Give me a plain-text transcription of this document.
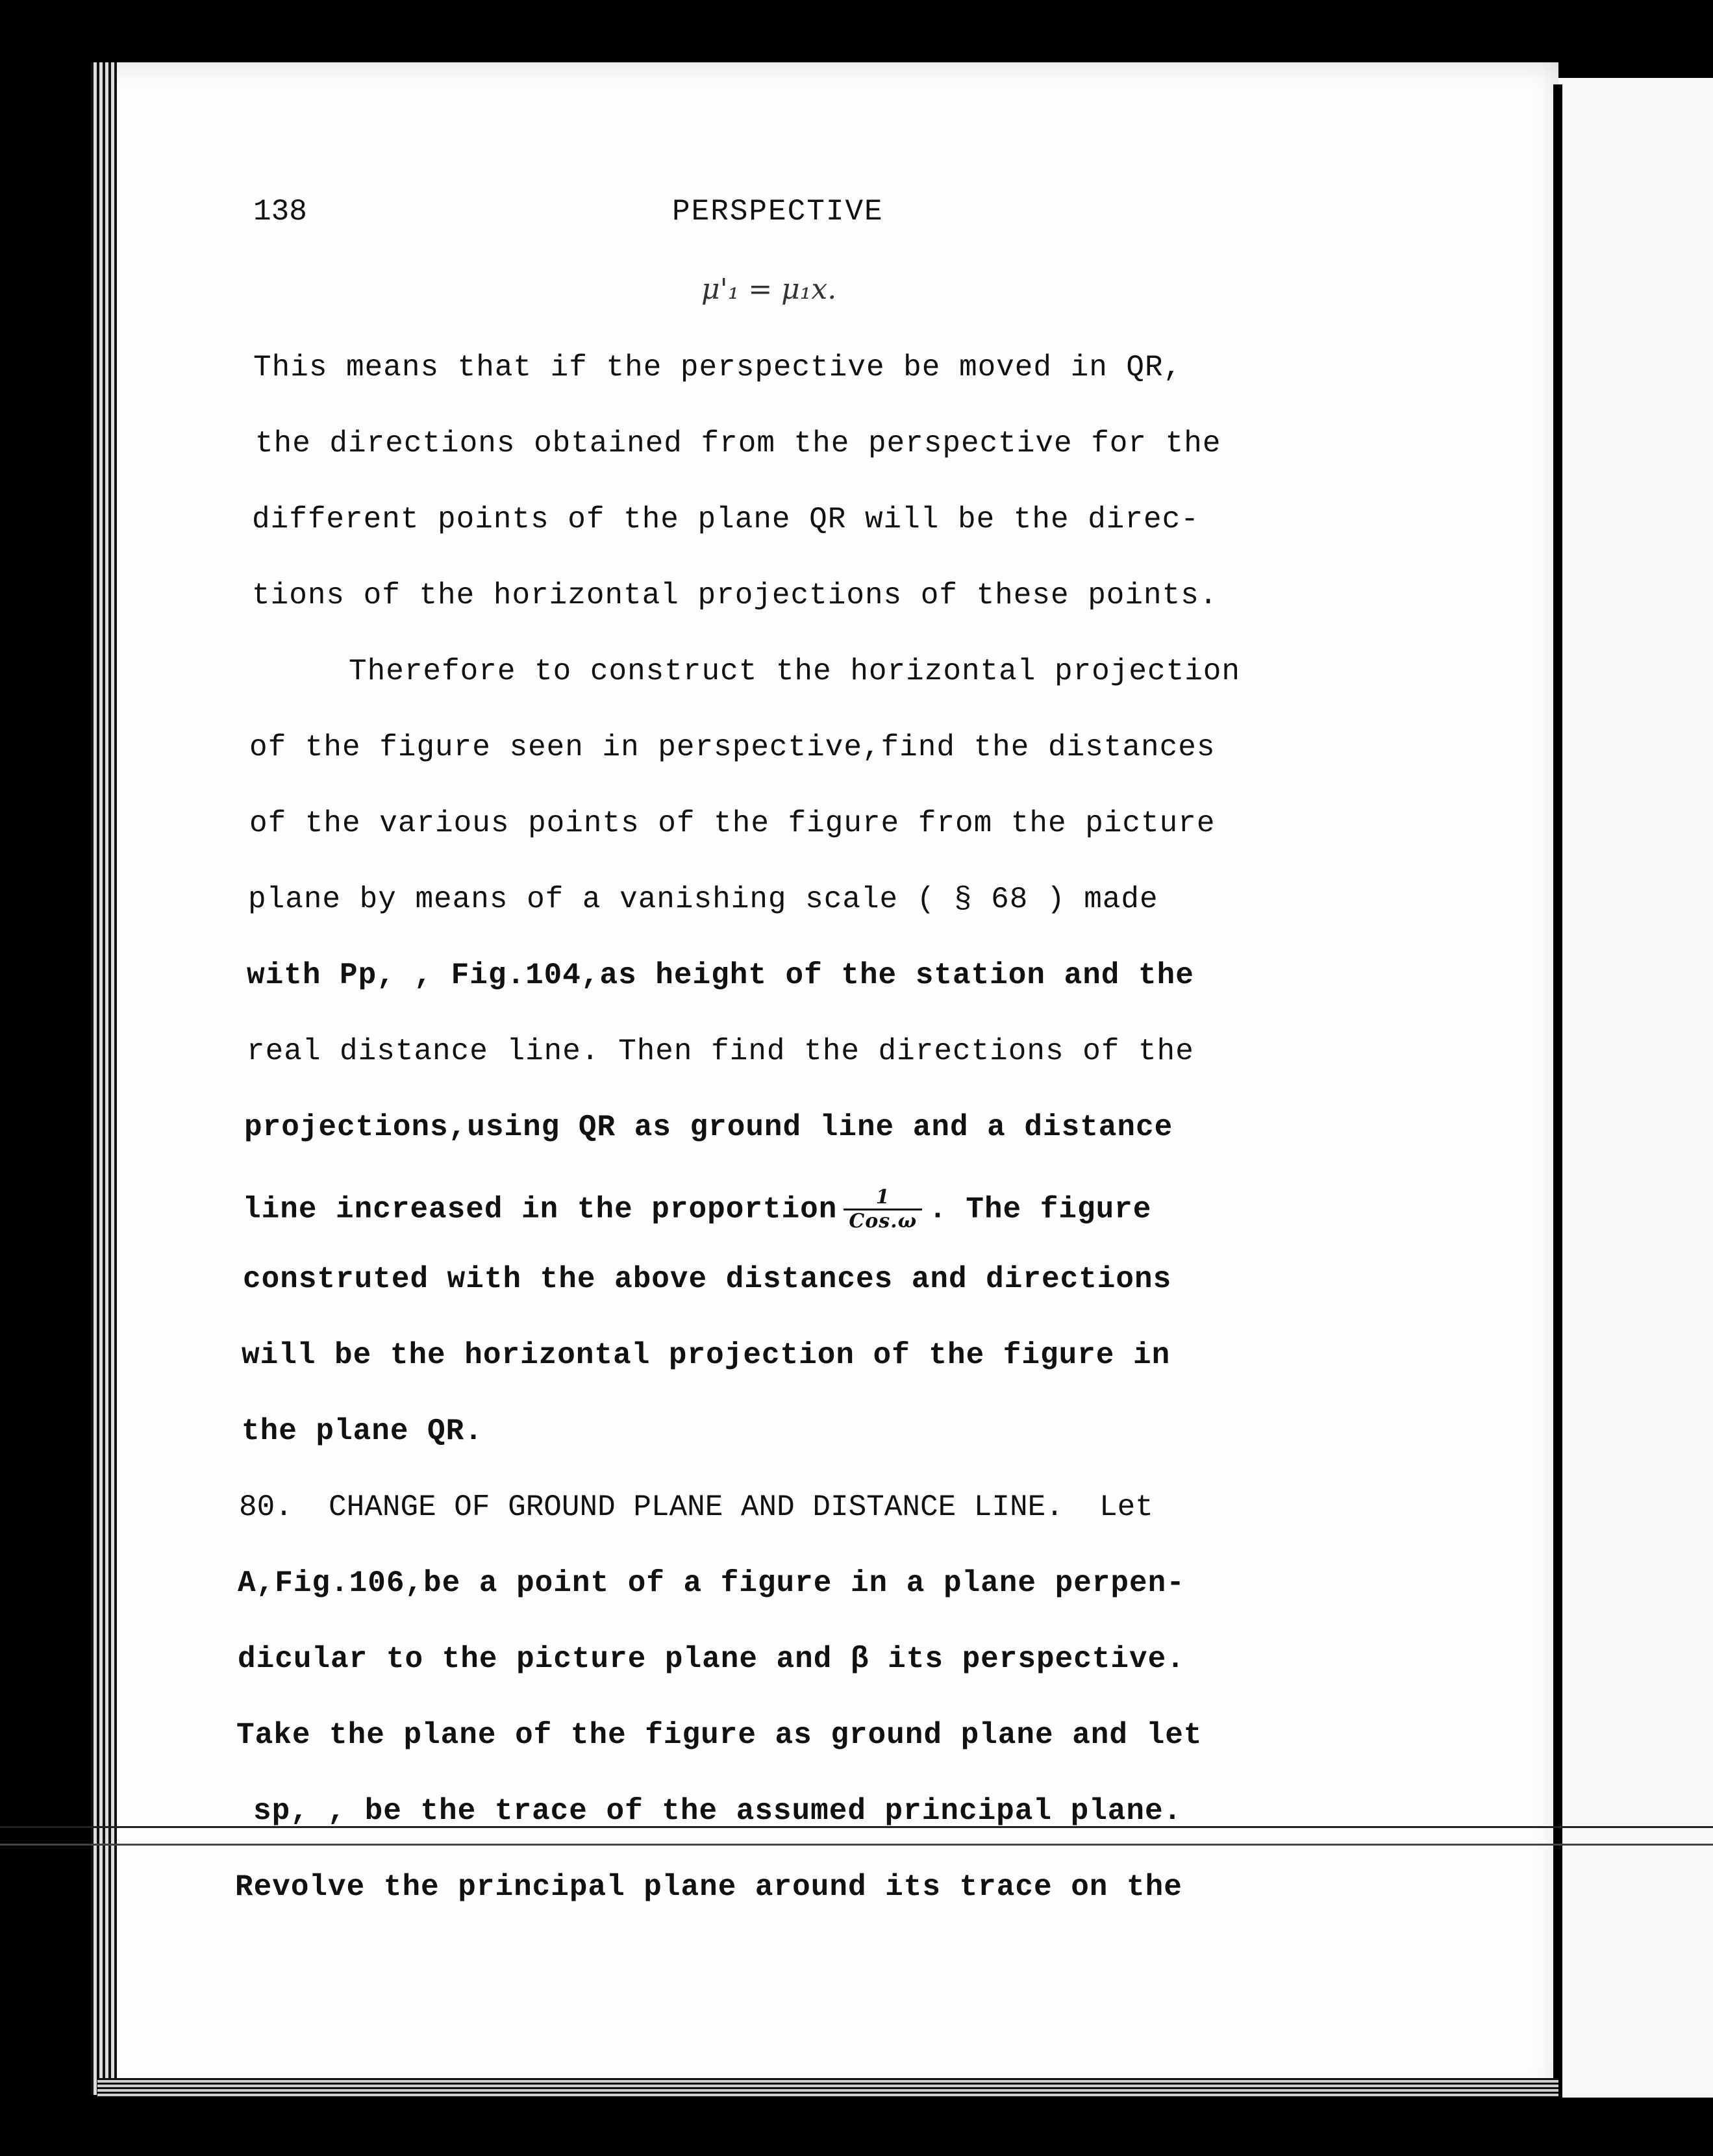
138	PERSPECTIVE
μ'₁ = μ₁x.
This means that if the perspective be moved in QR,
the directions obtained from the perspective for the
different points of the plane QR will be the direc-
tions of the horizontal projections of these points.
Therefore to construct the horizontal projection
of the figure seen in perspective,find the distances
of the various points of the figure from the picture
plane by means of a vanishing scale ( § 68 ) made
with Pp, , Fig.104,as height of the station and the
real distance line. Then find the directions of the
projections,using QR as ground line and a distance
line increased in the proportion $\frac{1}{\text{Cos.ω}}$ . The figure
construted with the above distances and directions
will be the horizontal projection of the figure in
the plane QR.
80. CHANGE OF GROUND PLANE AND DISTANCE LINE. Let
A,Fig.106,be a point of a figure in a plane perpen-
dicular to the picture plane and β its perspective.
Take the plane of the figure as ground plane and let
sp, , be the trace of the assumed principal plane.
Revolve the principal plane around its trace on the
